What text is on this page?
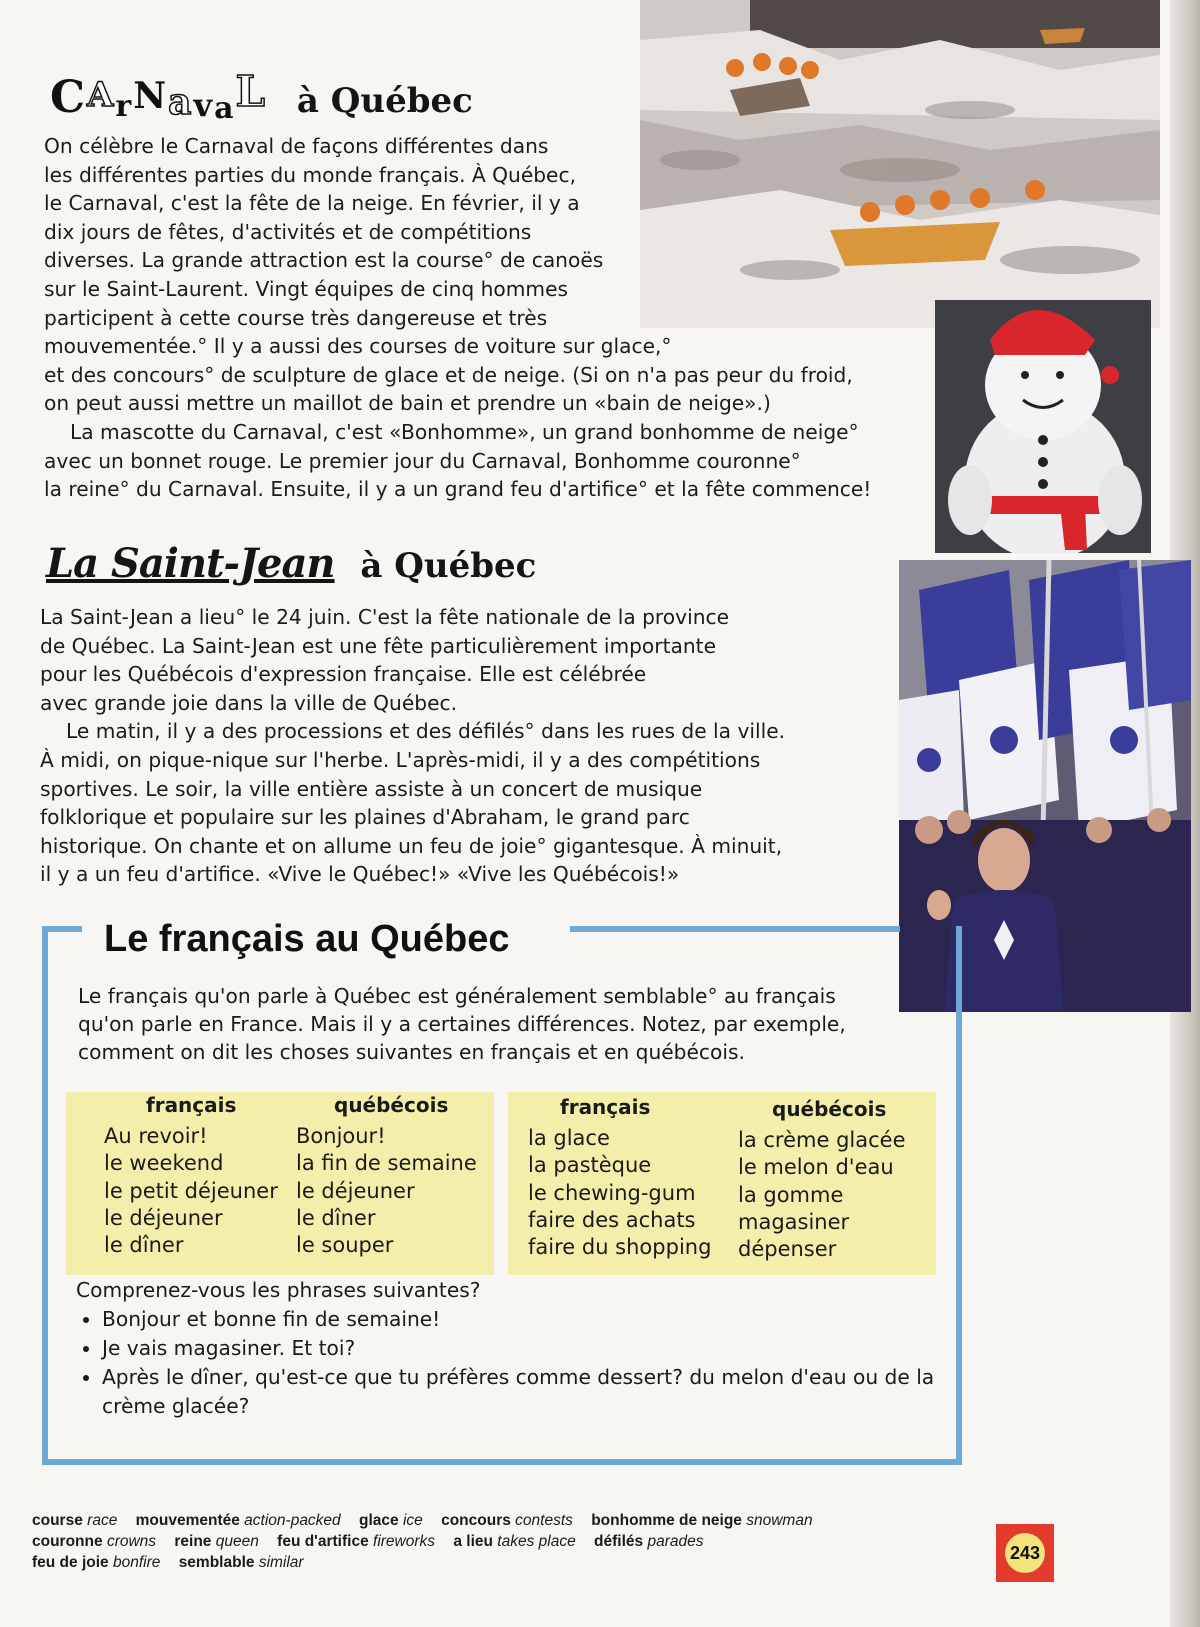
CArNavaL à Québec

On célèbre le Carnaval de façons différentes dans

les différentes parties du monde français. À Québec,

le Carnaval, c'est la fête de la neige. En février, il y a

dix jours de fêtes, d'activités et de compétitions

diverses. La grande attraction est la course° de canoës

sur le Saint-Laurent. Vingt équipes de cinq hommes

participent à cette course très dangereuse et très

mouvementée.° Il y a aussi des courses de voiture sur glace,°

et des concours° de sculpture de glace et de neige. (Si on n'a pas peur du froid,

on peut aussi mettre un maillot de bain et prendre un «bain de neige».)

La mascotte du Carnaval, c'est «Bonhomme», un grand bonhomme de neige°

avec un bonnet rouge. Le premier jour du Carnaval, Bonhomme couronne°

la reine° du Carnaval. Ensuite, il y a un grand feu d'artifice° et la fête commence!

La Saint-Jean à Québec

La Saint-Jean a lieu° le 24 juin. C'est la fête nationale de la province

de Québec. La Saint-Jean est une fête particulièrement importante

pour les Québécois d'expression française. Elle est célébrée

avec grande joie dans la ville de Québec.

Le matin, il y a des processions et des défilés° dans les rues de la ville.

À midi, on pique-nique sur l'herbe. L'après-midi, il y a des compétitions

sportives. Le soir, la ville entière assiste à un concert de musique

folklorique et populaire sur les plaines d'Abraham, le grand parc

historique. On chante et on allume un feu de joie° gigantesque. À minuit,

il y a un feu d'artifice. «Vive le Québec!» «Vive les Québécois!»

Le français au Québec
Le français qu'on parle à Québec est généralement semblable° au français
qu'on parle en France. Mais il y a certaines différences. Notez, par exemple,
comment on dit les choses suivantes en français et en québécois.
français
Au revoir!
le weekend
le petit déjeuner
le déjeuner
le dîner
québécois
Bonjour!
la fin de semaine
le déjeuner
le dîner
le souper
français
la glace
la pastèque
le chewing-gum
faire des achats
faire du shopping
québécois
la crème glacée
le melon d'eau
la gomme
magasiner
dépenser
Comprenez-vous les phrases suivantes?
• Bonjour et bonne fin de semaine!
• Je vais magasiner. Et toi?
• Après le dîner, qu'est-ce que tu préfères comme dessert? du melon d'eau ou de la crème glacée?
course race mouvementée action-packed glace ice concours contests bonhomme de neige snowman
couronne crowns reine queen feu d'artifice fireworks a lieu takes place défilés parades
feu de joie bonfire semblable similar	243
